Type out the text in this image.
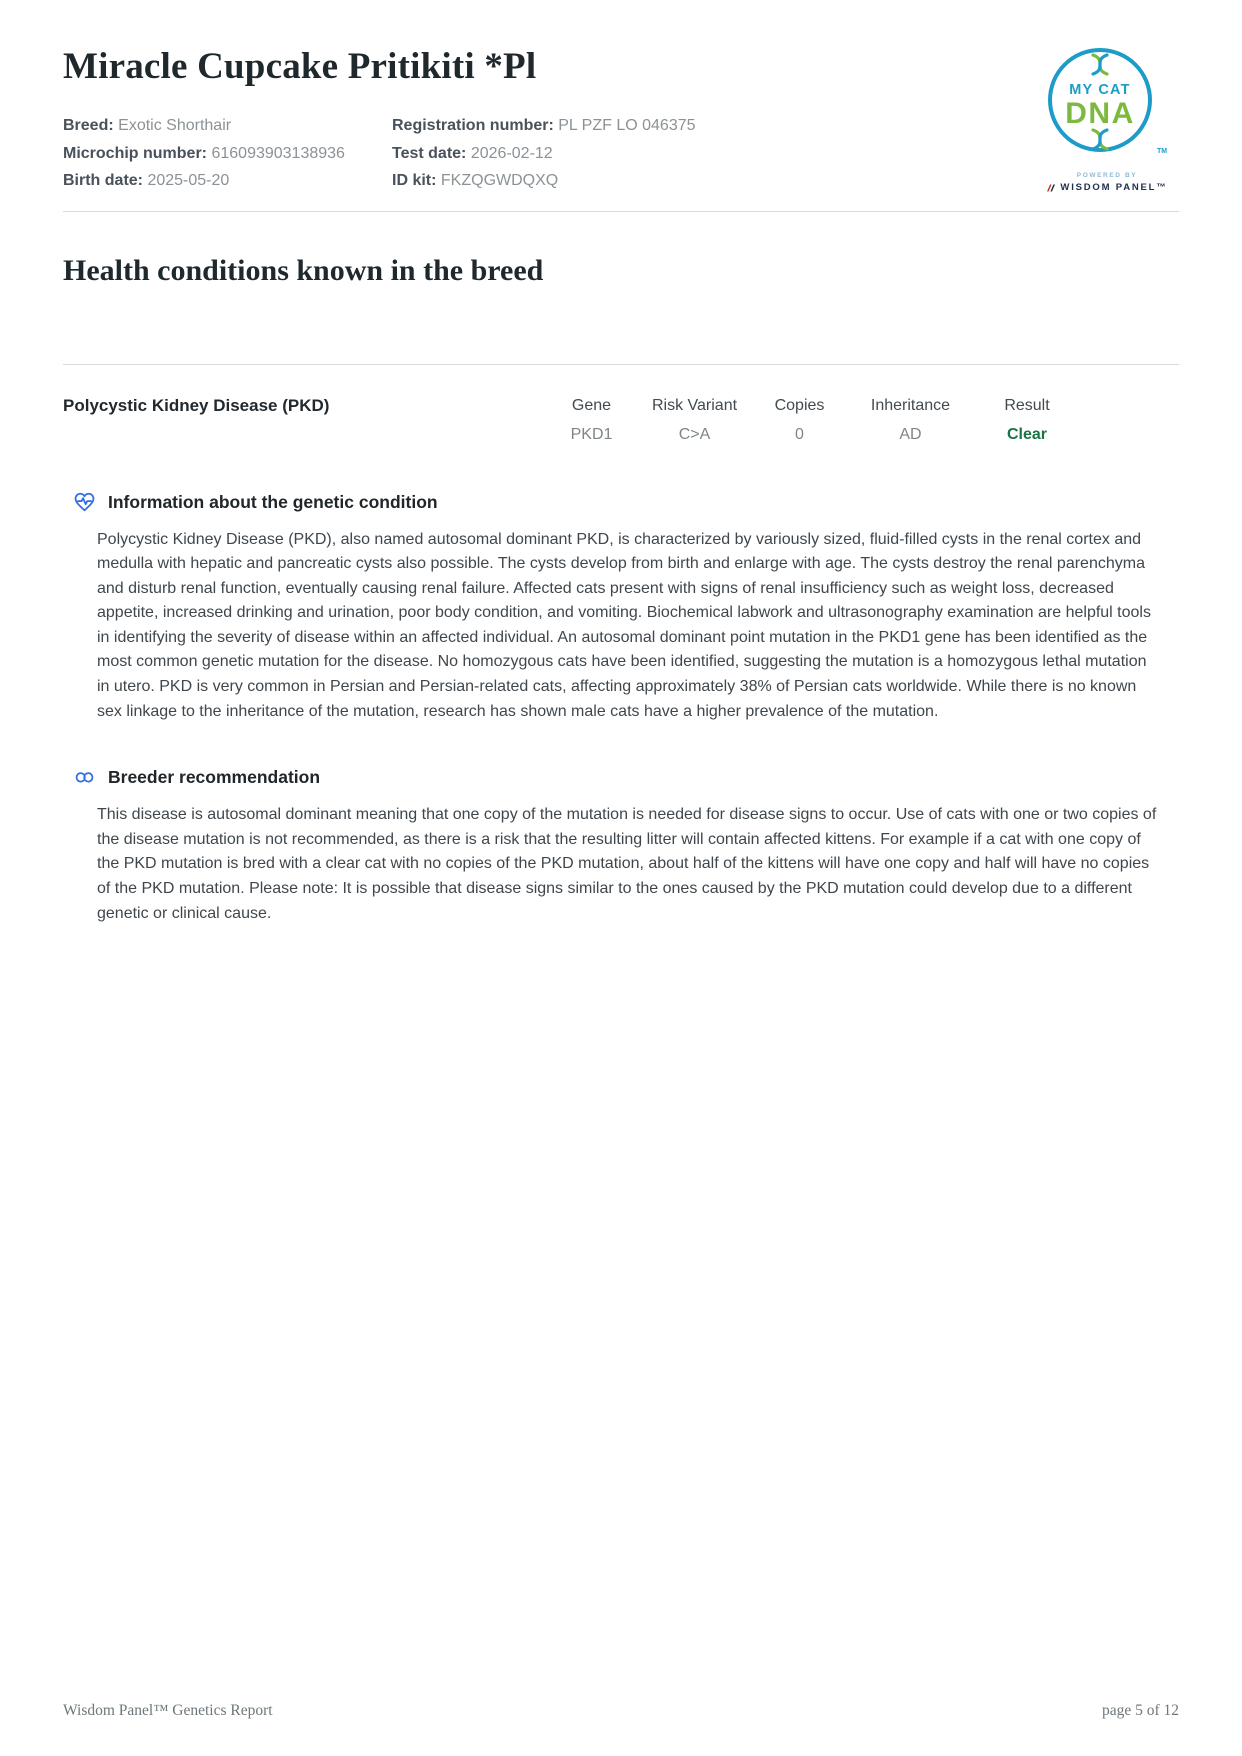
Miracle Cupcake Pritikiti *Pl
Breed: Exotic Shorthair
Microchip number: 616093903138936
Birth date: 2025-05-20
Registration number: PL PZF LO 046375
Test date: 2026-02-12
ID kit: FKZQGWDQXQ
Health conditions known in the breed
Polycystic Kidney Disease (PKD)	Gene
PKD1
Risk Variant
C>A
Copies
0
Inheritance
AD
Result
Clear
Information about the genetic condition

Polycystic Kidney Disease (PKD), also named autosomal dominant PKD, is characterized by variously sized, fluid-filled cysts in the renal cortex and medulla with hepatic and pancreatic cysts also possible. The cysts develop from birth and enlarge with age. The cysts destroy the renal parenchyma and disturb renal function, eventually causing renal failure. Affected cats present with signs of renal insufficiency such as weight loss, decreased appetite, increased drinking and urination, poor body condition, and vomiting. Biochemical labwork and ultrasonography examination are helpful tools in identifying the severity of disease within an affected individual. An autosomal dominant point mutation in the PKD1 gene has been identified as the most common genetic mutation for the disease. No homozygous cats have been identified, suggesting the mutation is a homozygous lethal mutation in utero. PKD is very common in Persian and Persian-related cats, affecting approximately 38% of Persian cats worldwide. While there is no known sex linkage to the inheritance of the mutation, research has shown male cats have a higher prevalence of the mutation.

Breeder recommendation

This disease is autosomal dominant meaning that one copy of the mutation is needed for disease signs to occur. Use of cats with one or two copies of the disease mutation is not recommended, as there is a risk that the resulting litter will contain affected kittens. For example if a cat with one copy of the PKD mutation is bred with a clear cat with no copies of the PKD mutation, about half of the kittens will have one copy and half will have no copies of the PKD mutation. Please note: It is possible that disease signs similar to the ones caused by the PKD mutation could develop due to a different genetic or clinical cause.

MY CAT
DNA
TM
POWERED BY
WISDOM PANEL™
Wisdom Panel™ Genetics Report	page 5 of 12
